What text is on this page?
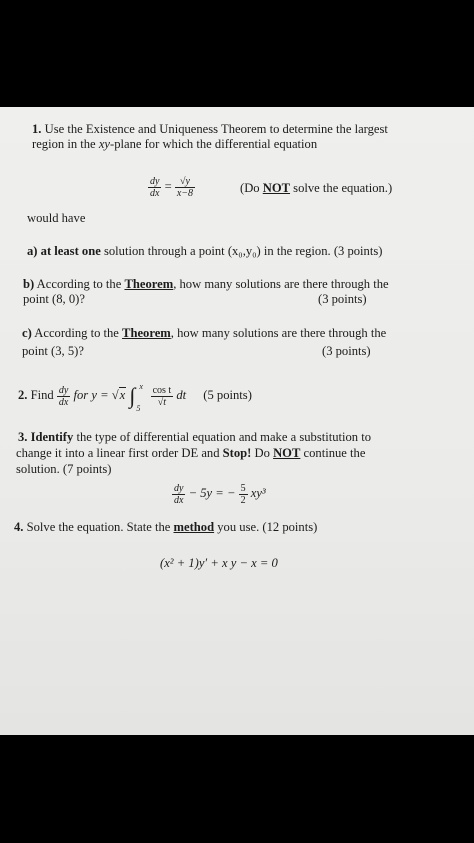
1. Use the Existence and Uniqueness Theorem to determine the largest
region in the xy-plane for which the differential equation
$\frac{dy}{dx} = \frac{√y}{x-8}$	(Do NOT solve the equation.)
would have
a) at least one solution through a point (x₀,y₀) in the region. (3 points)
b) According to the Theorem, how many solutions are there through the
point (8, 0)?	(3 points)
c) According to the Theorem, how many solutions are there through the
point (3, 5)?	(3 points)
2. Find $\frac{dy}{dx}$ for y = √x ∫ x
5

$\frac{\text{cos t}}{√t}$ dt (5 points)
3. Identify the type of differential equation and make a substitution to
change it into a linear first order DE and Stop! Do NOT continue the
solution. (7 points)
$\frac{dy}{dx} - 5y$ = − $\frac{5}{2} xy^3$
4. Solve the equation. State the method you use. (12 points)
(x² + 1)y′ + x y − x = 0
